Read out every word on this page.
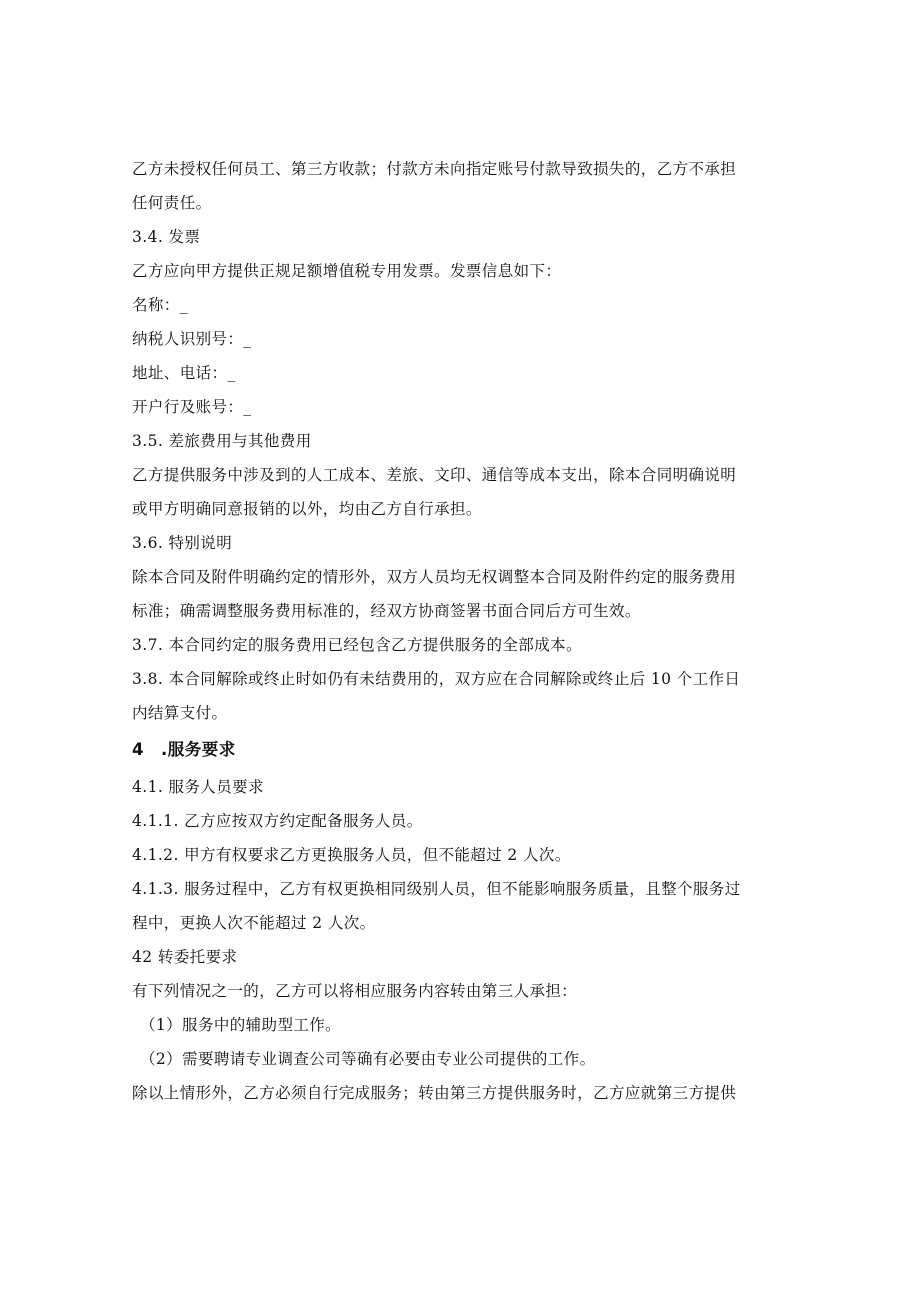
乙方未授权任何员工、第三方收款；付款方未向指定账号付款导致损失的，乙方不承担
任何责任。
3.4. 发票
乙方应向甲方提供正规足额增值税专用发票。发票信息如下：
名称：_
纳税人识别号：_
地址、电话：_
开户行及账号：_
3.5. 差旅费用与其他费用
乙方提供服务中涉及到的人工成本、差旅、文印、通信等成本支出，除本合同明确说明
或甲方明确同意报销的以外，均由乙方自行承担。
3.6. 特别说明
除本合同及附件明确约定的情形外，双方人员均无权调整本合同及附件约定的服务费用
标准；确需调整服务费用标准的，经双方协商签署书面合同后方可生效。
3.7. 本合同约定的服务费用已经包含乙方提供服务的全部成本。
3.8. 本合同解除或终止时如仍有未结费用的，双方应在合同解除或终止后 10 个工作日
内结算支付。
4　.服务要求
4.1. 服务人员要求
4.1.1. 乙方应按双方约定配备服务人员。
4.1.2. 甲方有权要求乙方更换服务人员，但不能超过 2 人次。
4.1.3. 服务过程中，乙方有权更换相同级别人员，但不能影响服务质量，且整个服务过
程中，更换人次不能超过 2 人次。
42 转委托要求
有下列情况之一的，乙方可以将相应服务内容转由第三人承担：
（1）服务中的辅助型工作。
（2）需要聘请专业调查公司等确有必要由专业公司提供的工作。
除以上情形外，乙方必须自行完成服务；转由第三方提供服务时，乙方应就第三方提供
